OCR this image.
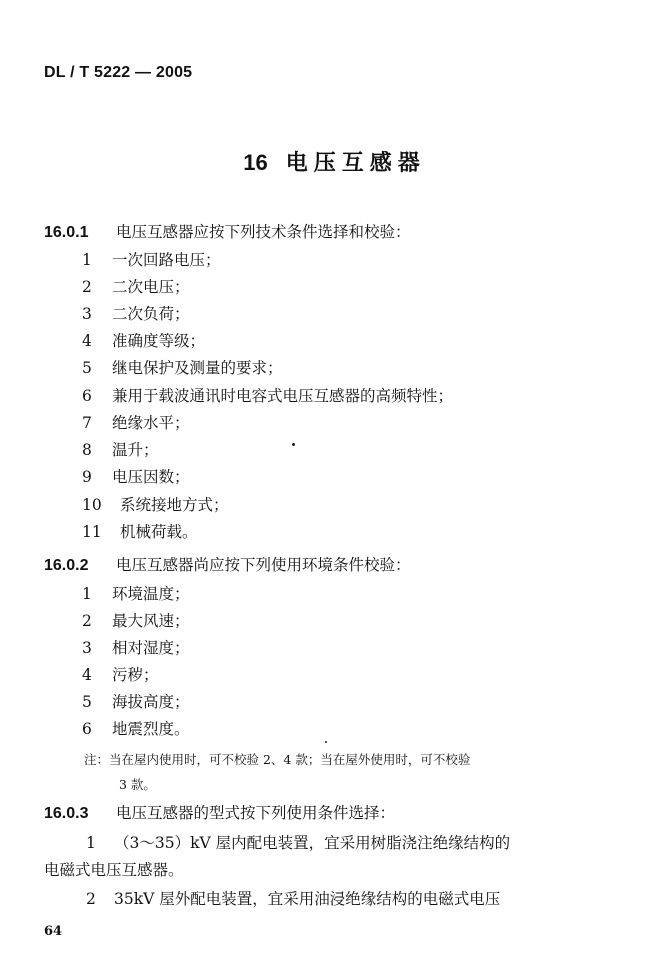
DL / T 5222 — 2005
16 电压互感器
16.0.1 电压互感器应按下列技术条件选择和校验：
1 一次回路电压；
2 二次电压；
3 二次负荷；
4 准确度等级；
5 继电保护及测量的要求；
6 兼用于载波通讯时电容式电压互感器的高频特性；
7 绝缘水平；
8 温升；
9 电压因数；
10 系统接地方式；
11 机械荷载。
16.0.2 电压互感器尚应按下列使用环境条件校验：
1 环境温度；
2 最大风速；
3 相对湿度；
4 污秽；
5 海拔高度；
6 地震烈度。
注：当在屋内使用时，可不校验 2、4 款；当在屋外使用时，可不校验
3 款。
16.0.3 电压互感器的型式按下列使用条件选择：
1 （3～35）kV 屋内配电装置，宜采用树脂浇注绝缘结构的
电磁式电压互感器。
2 35kV 屋外配电装置，宜采用油浸绝缘结构的电磁式电压
64
